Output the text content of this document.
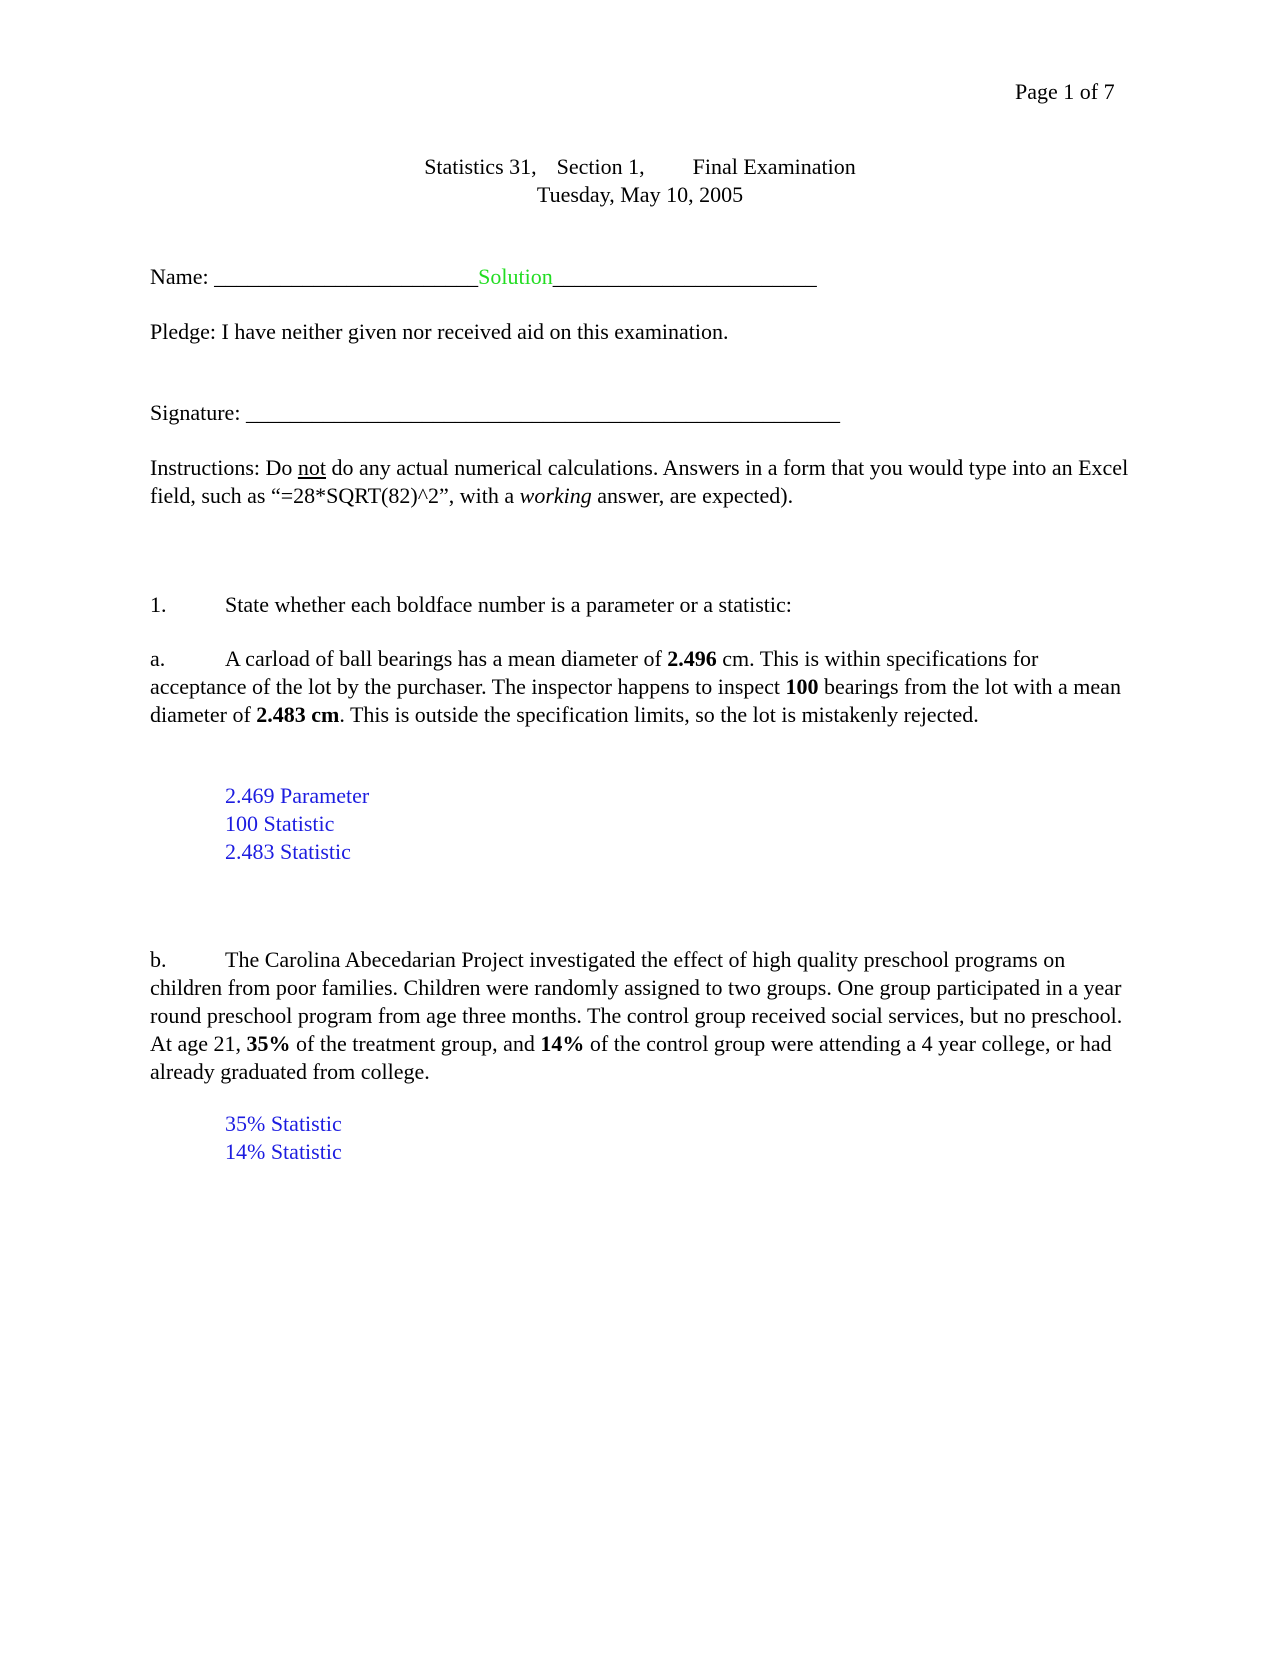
Page 1 of 7
Statistics 31, Section 1, Final Examination
Tuesday, May 10, 2005
Name: ________________________Solution________________________
Pledge: I have neither given nor received aid on this examination.
Signature: ______________________________________________________

Instructions: Do not do any actual numerical calculations. Answers in a form that you would type into an Excel field, such as “=28*SQRT(82)^2”, with a working answer, are expected).

1.	State whether each boldface number is a parameter or a statistic:

a.	A carload of ball bearings has a mean diameter of 2.496 cm. This is within specifications for acceptance of the lot by the purchaser. The inspector happens to inspect 100 bearings from the lot with a mean diameter of 2.483 cm. This is outside the specification limits, so the lot is mistakenly rejected.

2.469 Parameter
100 Statistic
2.483 Statistic

b.	The Carolina Abecedarian Project investigated the effect of high quality preschool programs on children from poor families. Children were randomly assigned to two groups. One group participated in a year round preschool program from age three months. The control group received social services, but no preschool. At age 21, 35% of the treatment group, and 14% of the control group were attending a 4 year college, or had already graduated from college.

35% Statistic
14% Statistic
